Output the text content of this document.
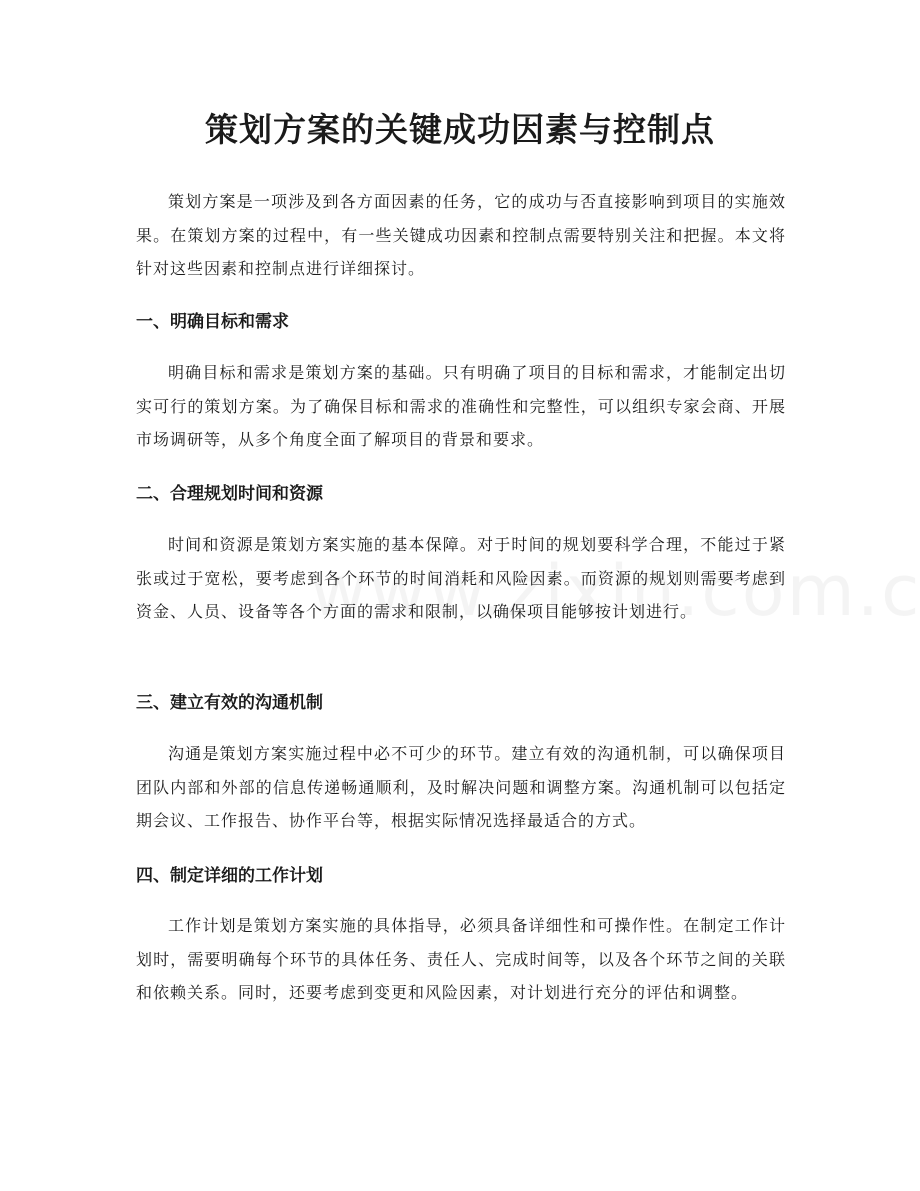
策划方案的关键成功因素与控制点

策划方案是一项涉及到各方面因素的任务，它的成功与否直接影响到项目的实施效果。在策划方案的过程中，有一些关键成功因素和控制点需要特别关注和把握。本文将针对这些因素和控制点进行详细探讨。

一、明确目标和需求

明确目标和需求是策划方案的基础。只有明确了项目的目标和需求，才能制定出切实可行的策划方案。为了确保目标和需求的准确性和完整性，可以组织专家会商、开展市场调研等，从多个角度全面了解项目的背景和要求。

二、合理规划时间和资源

时间和资源是策划方案实施的基本保障。对于时间的规划要科学合理，不能过于紧张或过于宽松，要考虑到各个环节的时间消耗和风险因素。而资源的规划则需要考虑到资金、人员、设备等各个方面的需求和限制，以确保项目能够按计划进行。

三、建立有效的沟通机制

沟通是策划方案实施过程中必不可少的环节。建立有效的沟通机制，可以确保项目团队内部和外部的信息传递畅通顺利，及时解决问题和调整方案。沟通机制可以包括定期会议、工作报告、协作平台等，根据实际情况选择最适合的方式。

四、制定详细的工作计划

工作计划是策划方案实施的具体指导，必须具备详细性和可操作性。在制定工作计划时，需要明确每个环节的具体任务、责任人、完成时间等，以及各个环节之间的关联和依赖关系。同时，还要考虑到变更和风险因素，对计划进行充分的评估和调整。
